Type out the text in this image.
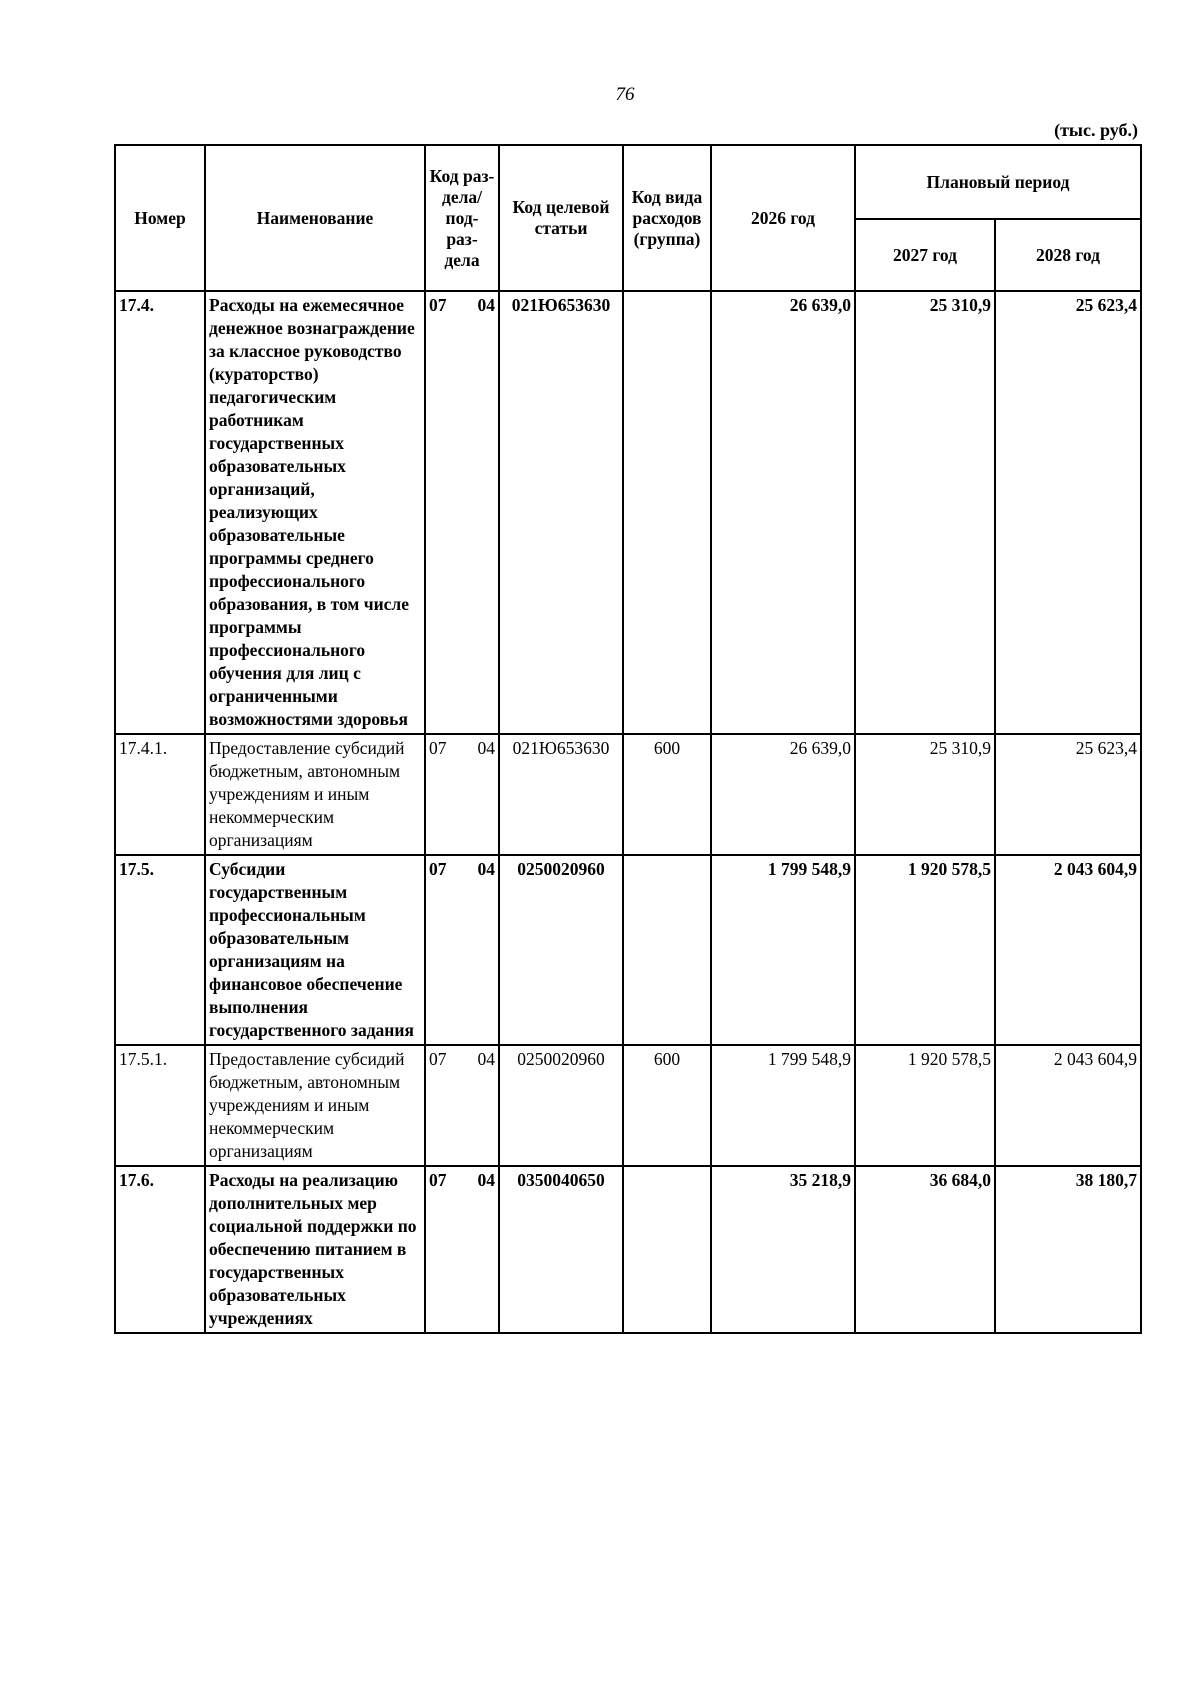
76
(тыс. руб.)
Номер	Наименование	Код раз- дела/ под- раз- дела	Код целевой статьи	Код вида расходов (группа)	2026 год	Плановый период	
						2027 год	2028 год
17.4.	Расходы на ежемесячное денежное вознаграждение за классное руководство (кураторство) педагогическим работникам государственных образовательных организаций, реализующих образовательные программы среднего профессионального образования, в том числе программы профессионального обучения для лиц с ограниченными возможностями здоровья	07 04	021Ю653630		26 639,0	25 310,9	25 623,4
17.4.1.	Предоставление субсидий бюджетным, автономным учреждениям и иным некоммерческим организациям	07 04	021Ю653630	600	26 639,0	25 310,9	25 623,4
17.5.	Субсидии государственным профессиональным образовательным организациям на финансовое обеспечение выполнения государственного задания	07 04	0250020960		1 799 548,9	1 920 578,5	2 043 604,9
17.5.1.	Предоставление субсидий бюджетным, автономным учреждениям и иным некоммерческим организациям	07 04	0250020960	600	1 799 548,9	1 920 578,5	2 043 604,9
17.6.	Расходы на реализацию дополнительных мер социальной поддержки по обеспечению питанием в государственных образовательных учреждениях	07 04	0350040650		35 218,9	36 684,0	38 180,7
